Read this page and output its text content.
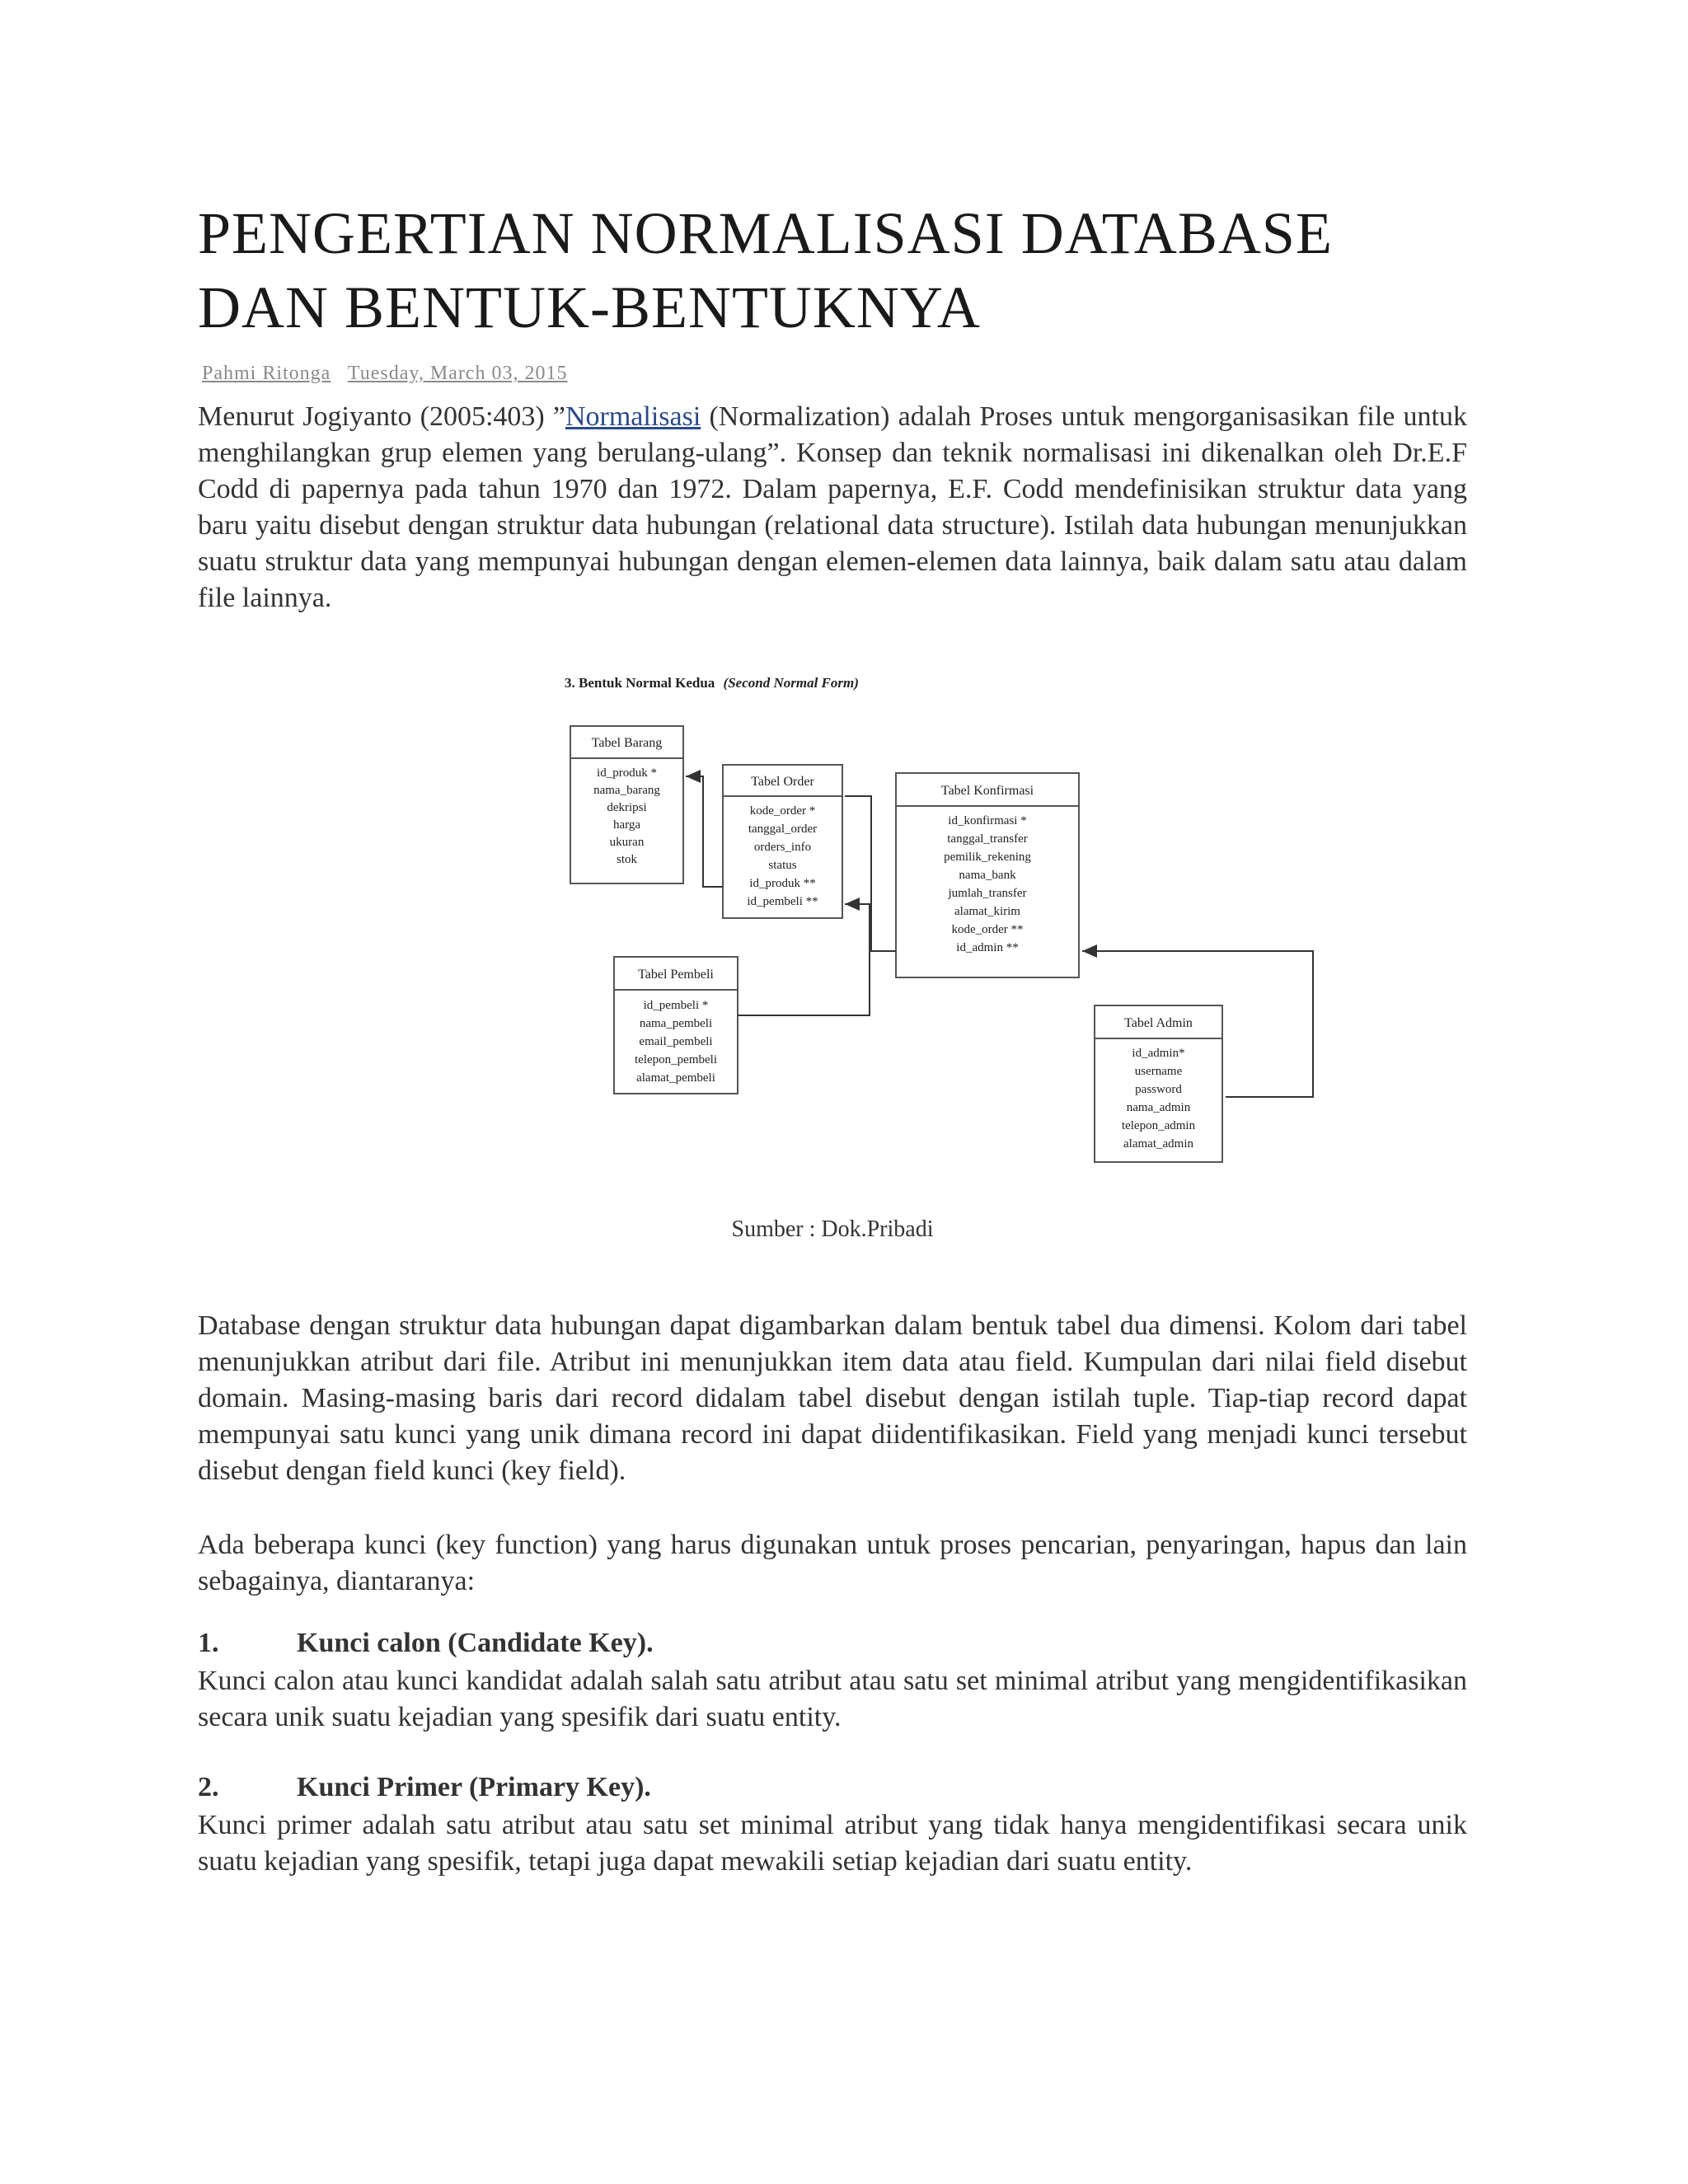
PENGERTIAN NORMALISASI DATABASE
DAN BENTUK-BENTUKNYA
Pahmi Ritonga Tuesday, March 03, 2015

Menurut Jogiyanto (2005:403) ”Normalisasi (Normalization) adalah Proses untuk mengorganisasikan file untuk menghilangkan grup elemen yang berulang-ulang”. Konsep dan teknik normalisasi ini dikenalkan oleh Dr.E.F Codd di papernya pada tahun 1970 dan 1972. Dalam papernya, E.F. Codd mendefinisikan struktur data yang baru yaitu disebut dengan struktur data hubungan (relational data structure). Istilah data hubungan menunjukkan suatu struktur data yang mempunyai hubungan dengan elemen-elemen data lainnya, baik dalam satu atau dalam file lainnya.

3. Bentuk Normal Kedua (Second Normal Form)
Tabel Barang
id_produk *
nama_barang
dekripsi
harga
ukuran
stok
Tabel Order
kode_order *
tanggal_order
orders_info
status
id_produk **
id_pembeli **
Tabel Konfirmasi
id_konfirmasi *
tanggal_transfer
pemilik_rekening
nama_bank
jumlah_transfer
alamat_kirim
kode_order **
id_admin **
Tabel Pembeli
id_pembeli *
nama_pembeli
email_pembeli
telepon_pembeli
alamat_pembeli
Tabel Admin
id_admin*
username
password
nama_admin
telepon_admin
alamat_admin
Sumber : Dok.Pribadi

Database dengan struktur data hubungan dapat digambarkan dalam bentuk tabel dua dimensi. Kolom dari tabel menunjukkan atribut dari file. Atribut ini menunjukkan item data atau field. Kumpulan dari nilai field disebut domain. Masing-masing baris dari record didalam tabel disebut dengan istilah tuple. Tiap-tiap record dapat mempunyai satu kunci yang unik dimana record ini dapat diidentifikasikan. Field yang menjadi kunci tersebut disebut dengan field kunci (key field).

Ada beberapa kunci (key function) yang harus digunakan untuk proses pencarian, penyaringan, hapus dan lain sebagainya, diantaranya:

1.	Kunci calon (Candidate Key).

Kunci calon atau kunci kandidat adalah salah satu atribut atau satu set minimal atribut yang mengidentifikasikan secara unik suatu kejadian yang spesifik dari suatu entity.

2.	Kunci Primer (Primary Key).

Kunci primer adalah satu atribut atau satu set minimal atribut yang tidak hanya mengidentifikasi secara unik suatu kejadian yang spesifik, tetapi juga dapat mewakili setiap kejadian dari suatu entity.
